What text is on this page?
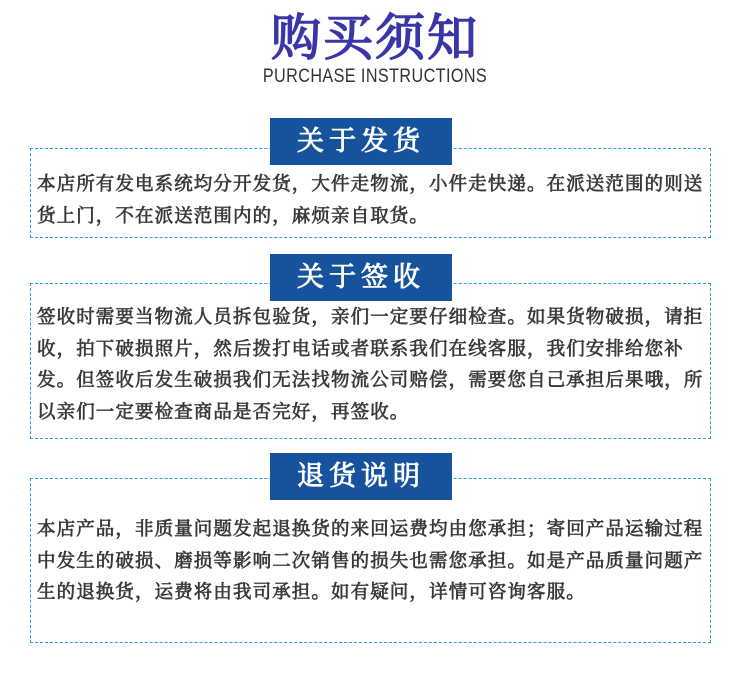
购买须知
PURCHASE INSTRUCTIONS
关于发货

本店所有发电系统均分开发货，大件走物流，小件走快递。在派送范围的则送货上门，不在派送范围内的，麻烦亲自取货。

关于签收

签收时需要当物流人员拆包验货，亲们一定要仔细检查。如果货物破损，请拒收，拍下破损照片，然后拨打电话或者联系我们在线客服，我们安排给您补发。但签收后发生破损我们无法找物流公司赔偿，需要您自己承担后果哦，所以亲们一定要检查商品是否完好，再签收。

退货说明

本店产品，非质量问题发起退换货的来回运费均由您承担；寄回产品运输过程中发生的破损、磨损等影响二次销售的损失也需您承担。如是产品质量问题产生的退换货，运费将由我司承担。如有疑问，详情可咨询客服。
